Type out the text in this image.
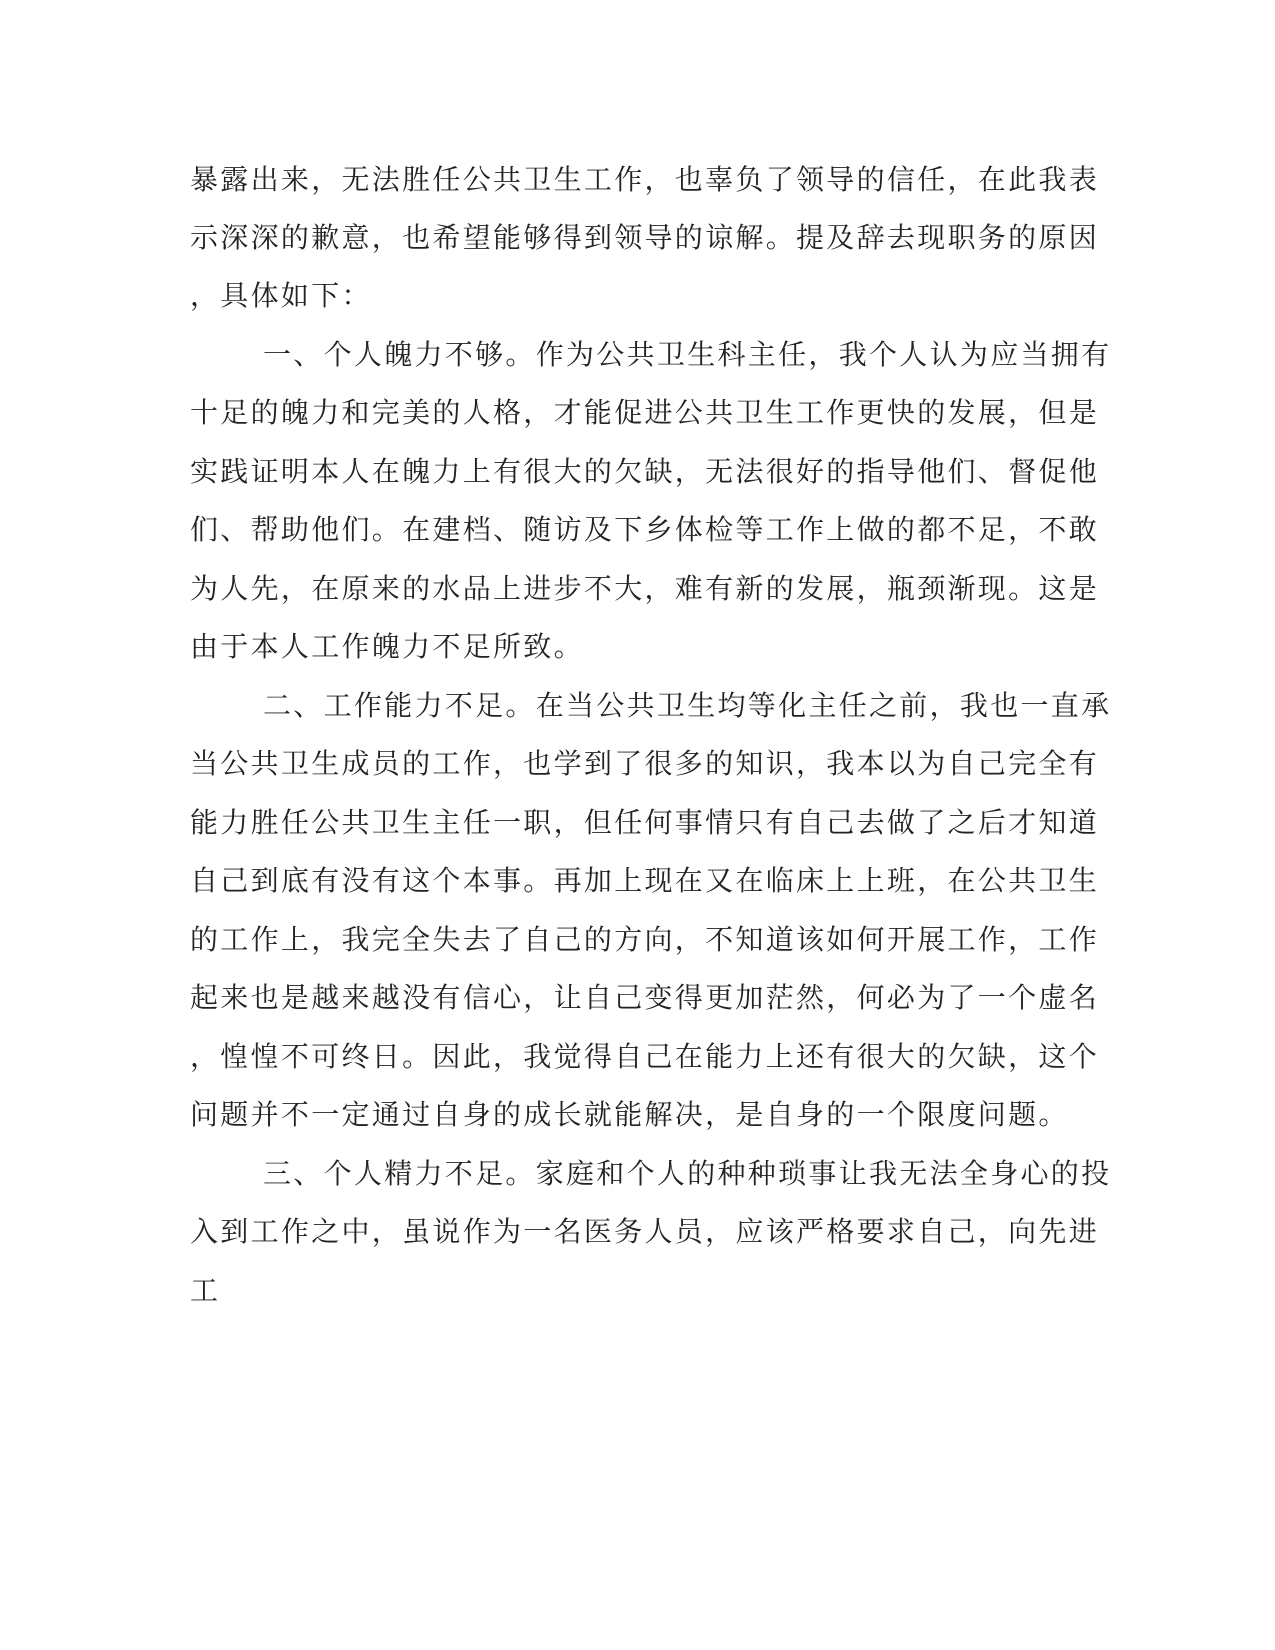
暴露出来，无法胜任公共卫生工作，也辜负了领导的信任，在此我表

示深深的歉意，也希望能够得到领导的谅解。提及辞去现职务的原因

，具体如下：

一、个人魄力不够。作为公共卫生科主任，我个人认为应当拥有

十足的魄力和完美的人格，才能促进公共卫生工作更快的发展，但是

实践证明本人在魄力上有很大的欠缺，无法很好的指导他们、督促他

们、帮助他们。在建档、随访及下乡体检等工作上做的都不足，不敢

为人先，在原来的水品上进步不大，难有新的发展，瓶颈渐现。这是

由于本人工作魄力不足所致。

二、工作能力不足。在当公共卫生均等化主任之前，我也一直承

当公共卫生成员的工作，也学到了很多的知识，我本以为自己完全有

能力胜任公共卫生主任一职，但任何事情只有自己去做了之后才知道

自己到底有没有这个本事。再加上现在又在临床上上班，在公共卫生

的工作上，我完全失去了自己的方向，不知道该如何开展工作，工作

起来也是越来越没有信心，让自己变得更加茫然，何必为了一个虚名

，惶惶不可终日。因此，我觉得自己在能力上还有很大的欠缺，这个

问题并不一定通过自身的成长就能解决，是自身的一个限度问题。

三、个人精力不足。家庭和个人的种种琐事让我无法全身心的投

入到工作之中，虽说作为一名医务人员，应该严格要求自己，向先进

工
